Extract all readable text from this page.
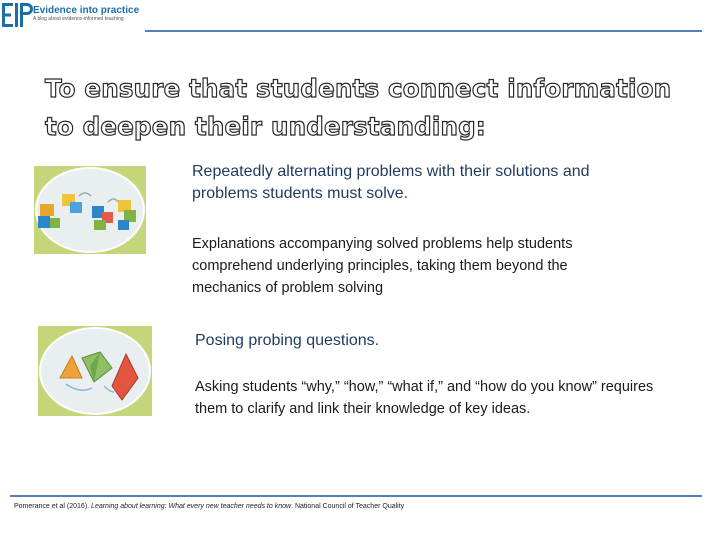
Evidence into practice
A blog about evidence-informed teaching
To ensure that students connect information
to deepen their understanding:
Repeatedly alternating problems with their solutions and problems students must solve.
Explanations accompanying solved problems help students comprehend underlying principles, taking them beyond the mechanics of problem solving
Posing probing questions.
Asking students “why,” “how,” “what if,” and “how do you know” requires them to clarify and link their knowledge of key ideas.
Pomerance et al (2016). Learning about learning: What every new teacher needs to know. National Council of Teacher Quality
